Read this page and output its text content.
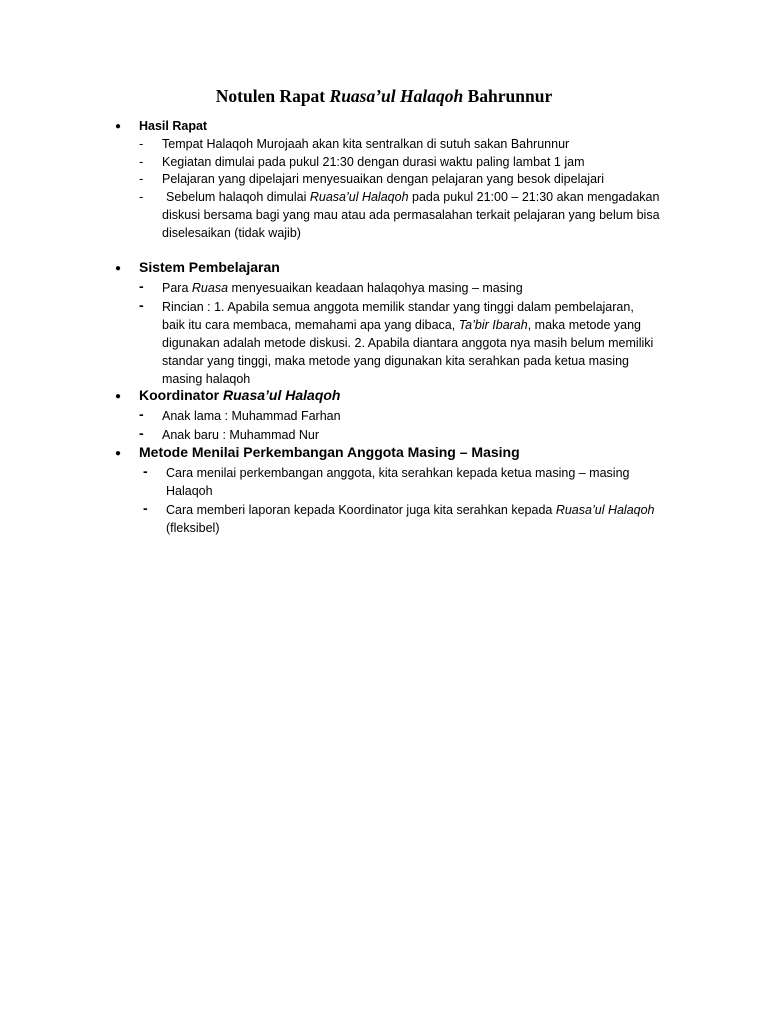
Notulen Rapat Ruasa’ul Halaqoh Bahrunnur
● Hasil Rapat
- Tempat Halaqoh Murojaah akan kita sentralkan di sutuh sakan Bahrunnur
- Kegiatan dimulai pada pukul 21:30 dengan durasi waktu paling lambat 1 jam
- Pelajaran yang dipelajari menyesuaikan dengan pelajaran yang besok dipelajari
- Sebelum halaqoh dimulai Ruasa’ul Halaqoh pada pukul 21:00 – 21:30 akan mengadakan
diskusi bersama bagi yang mau atau ada permasalahan terkait pelajaran yang belum bisa
diselesaikan (tidak wajib)
● Sistem Pembelajaran
- Para Ruasa menyesuaikan keadaan halaqohya masing – masing
- Rincian : 1. Apabila semua anggota memilik standar yang tinggi dalam pembelajaran,
baik itu cara membaca, memahami apa yang dibaca, Ta’bir Ibarah, maka metode yang
digunakan adalah metode diskusi. 2. Apabila diantara anggota nya masih belum memiliki
standar yang tinggi, maka metode yang digunakan kita serahkan pada ketua masing
masing halaqoh
● Koordinator Ruasa’ul Halaqoh
- Anak lama : Muhammad Farhan
- Anak baru : Muhammad Nur
● Metode Menilai Perkembangan Anggota Masing – Masing
- Cara menilai perkembangan anggota, kita serahkan kepada ketua masing – masing
Halaqoh
- Cara memberi laporan kepada Koordinator juga kita serahkan kepada Ruasa’ul Halaqoh
(fleksibel)
